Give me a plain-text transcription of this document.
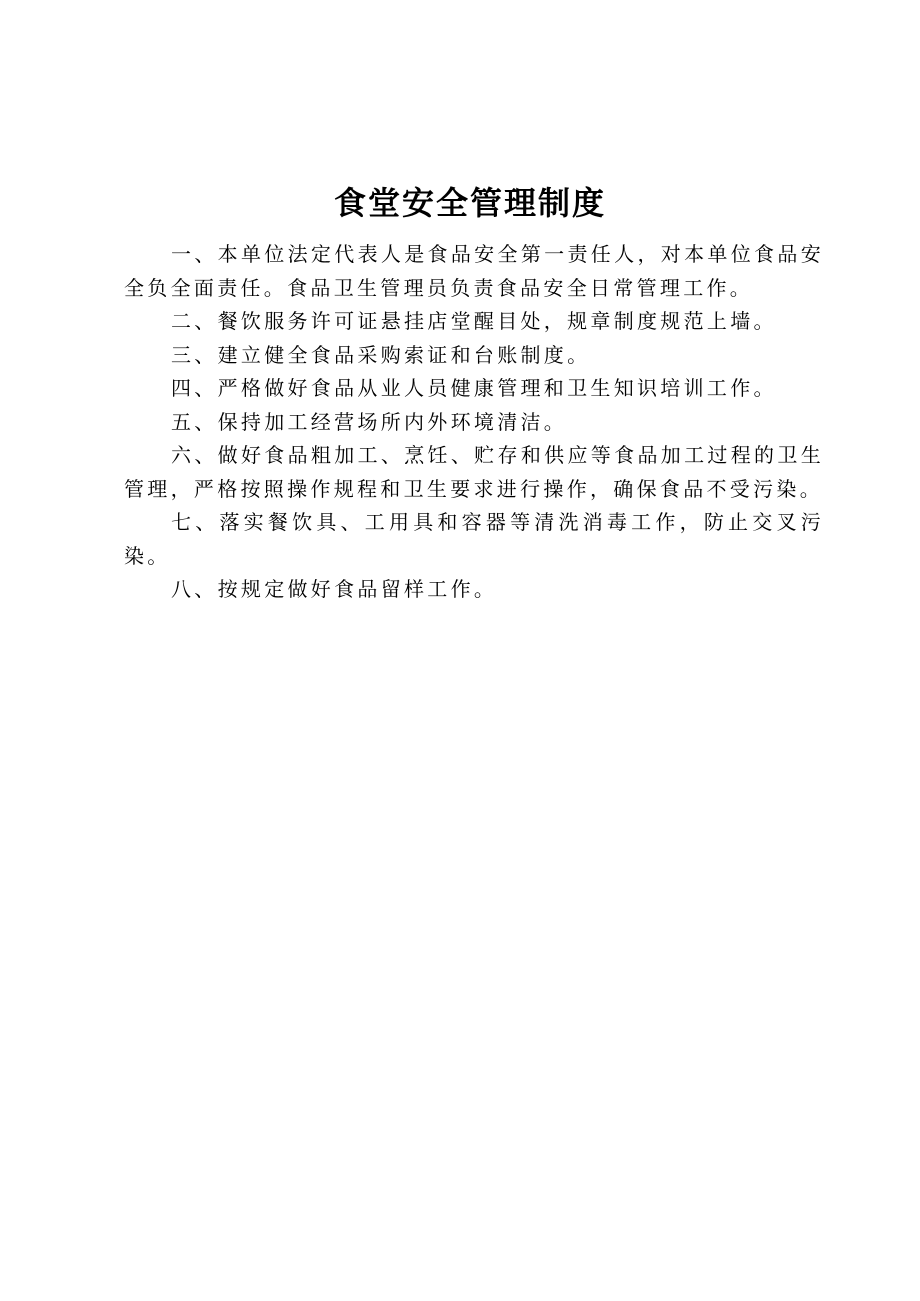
食堂安全管理制度

一、本单位法定代表人是食品安全第一责任人，对本单位食品安全负全面责任。食品卫生管理员负责食品安全日常管理工作。

二、餐饮服务许可证悬挂店堂醒目处，规章制度规范上墙。

三、建立健全食品采购索证和台账制度。

四、严格做好食品从业人员健康管理和卫生知识培训工作。

五、保持加工经营场所内外环境清洁。

六、做好食品粗加工、烹饪、贮存和供应等食品加工过程的卫生管理，严格按照操作规程和卫生要求进行操作，确保食品不受污染。

七、落实餐饮具、工用具和容器等清洗消毒工作，防止交叉污染。

八、按规定做好食品留样工作。
